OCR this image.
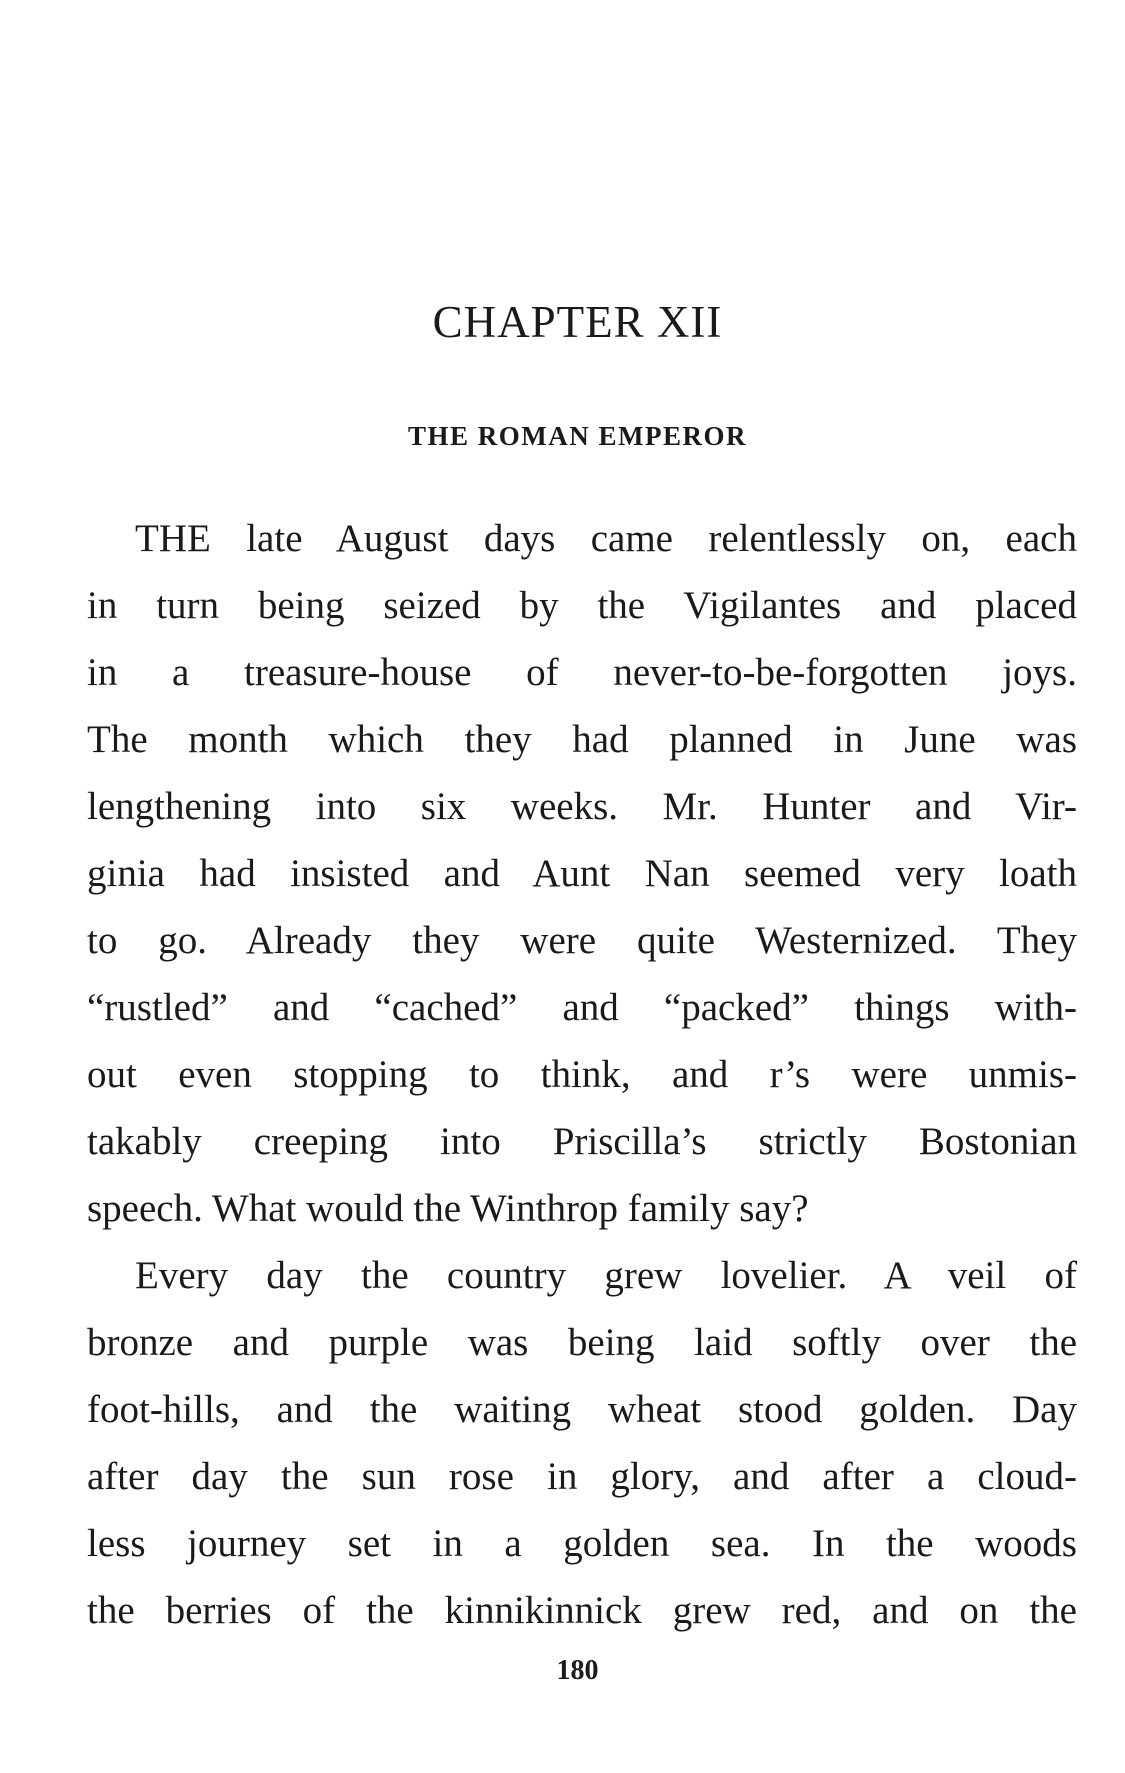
CHAPTER XII
THE ROMAN EMPEROR
THE late August days came relentlessly on, each
in turn being seized by the Vigilantes and placed
in a treasure-house of never-to-be-forgotten joys.
The month which they had planned in June was
lengthening into six weeks. Mr. Hunter and Vir-
ginia had insisted and Aunt Nan seemed very loath
to go. Already they were quite Westernized. They
“rustled” and “cached” and “packed” things with-
out even stopping to think, and r’s were unmis-
takably creeping into Priscilla’s strictly Bostonian
speech. What would the Winthrop family say?
Every day the country grew lovelier. A veil of
bronze and purple was being laid softly over the
foot-hills, and the waiting wheat stood golden. Day
after day the sun rose in glory, and after a cloud-
less journey set in a golden sea. In the woods
the berries of the kinnikinnick grew red, and on the
180
